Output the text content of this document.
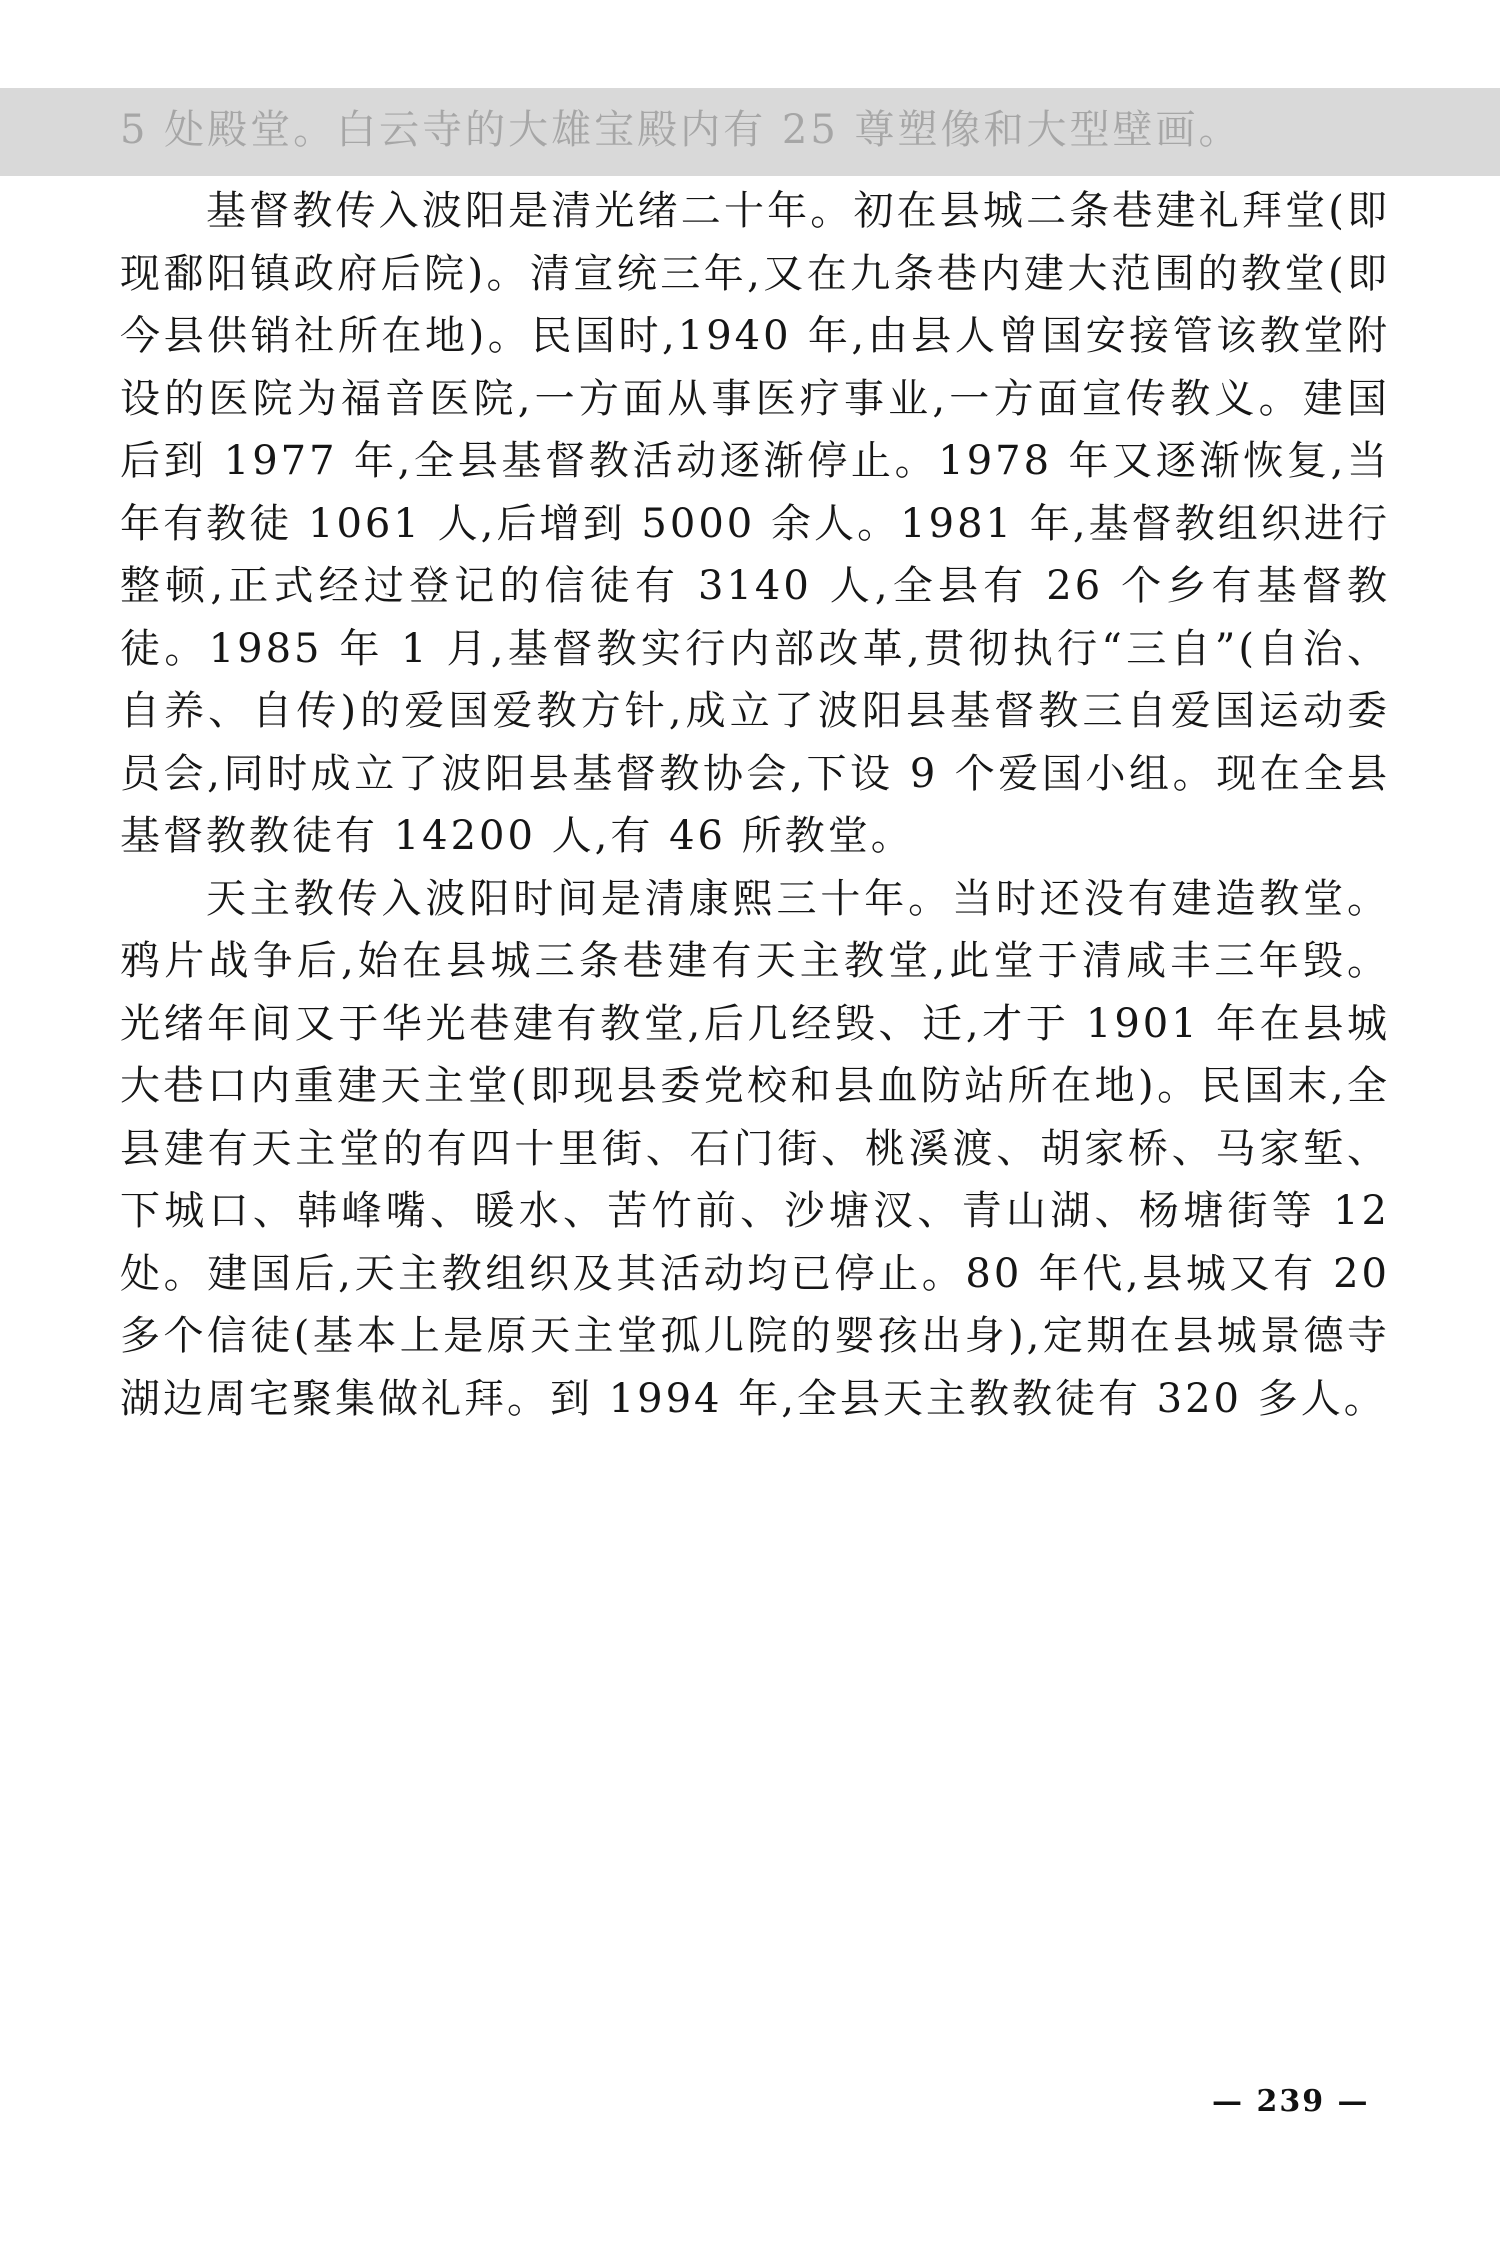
5 处殿堂。白云寺的大雄宝殿内有 25 尊塑像和大型壁画。

基督教传入波阳是清光绪二十年。初在县城二条巷建礼拜堂(即现鄱阳镇政府后院)。清宣统三年,又在九条巷内建大范围的教堂(即今县供销社所在地)。民国时,1940 年,由县人曾国安接管该教堂附设的医院为福音医院,一方面从事医疗事业,一方面宣传教义。建国后到 1977 年,全县基督教活动逐渐停止。1978 年又逐渐恢复,当年有教徒 1061 人,后增到 5000 余人。1981 年,基督教组织进行整顿,正式经过登记的信徒有 3140 人,全县有 26 个乡有基督教徒。1985 年 1 月,基督教实行内部改革,贯彻执行“三自”(自治、自养、自传)的爱国爱教方针,成立了波阳县基督教三自爱国运动委员会,同时成立了波阳县基督教协会,下设 9 个爱国小组。现在全县基督教教徒有 14200 人,有 46 所教堂。

天主教传入波阳时间是清康熙三十年。当时还没有建造教堂。鸦片战争后,始在县城三条巷建有天主教堂,此堂于清咸丰三年毁。光绪年间又于华光巷建有教堂,后几经毁、迁,才于 1901 年在县城大巷口内重建天主堂(即现县委党校和县血防站所在地)。民国末,全县建有天主堂的有四十里街、石门街、桃溪渡、胡家桥、马家堑、下城口、韩峰嘴、暖水、苦竹前、沙塘汊、青山湖、杨塘街等 12 处。建国后,天主教组织及其活动均已停止。80 年代,县城又有 20 多个信徒(基本上是原天主堂孤儿院的婴孩出身),定期在县城景德寺湖边周宅聚集做礼拜。到 1994 年,全县天主教教徒有 320 多人。

— 239 —
